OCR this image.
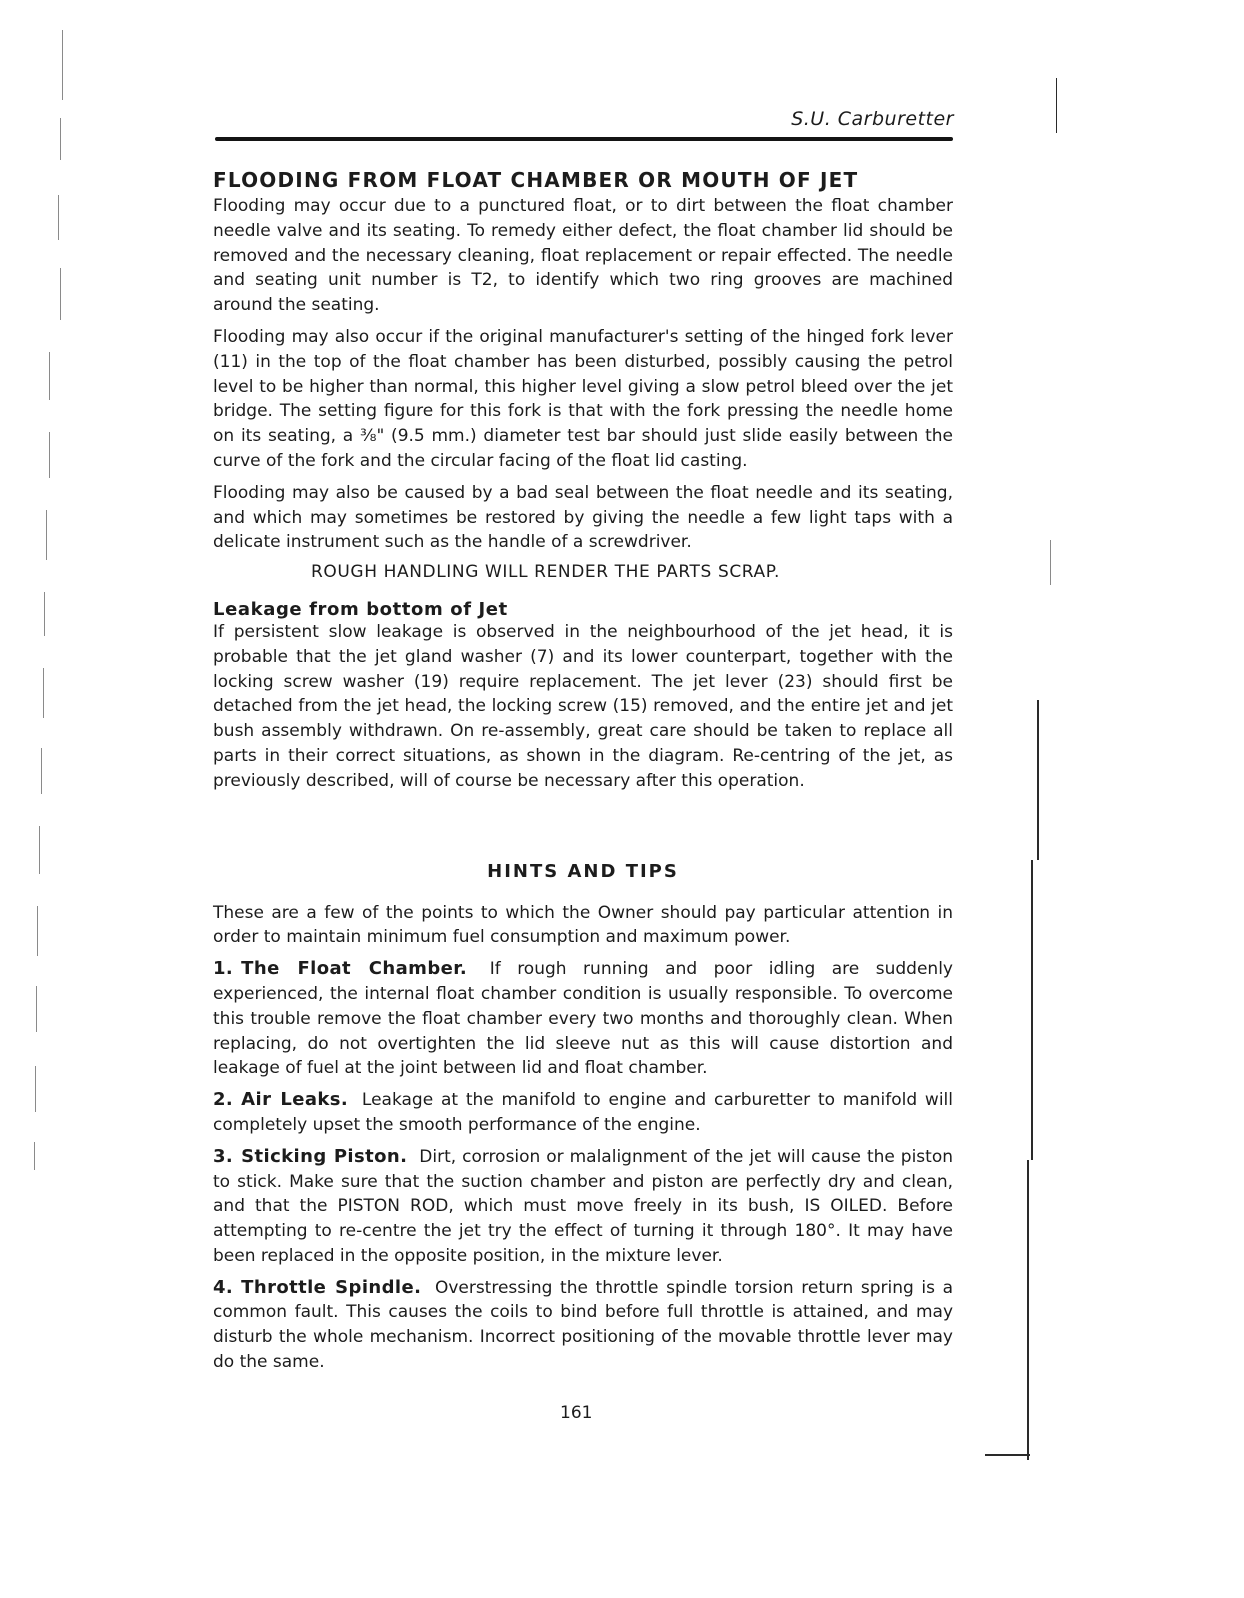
S.U. Carburetter
FLOODING FROM FLOAT CHAMBER OR MOUTH OF JET

Flooding may occur due to a punctured float, or to dirt between the float chamber needle valve and its seating. To remedy either defect, the float chamber lid should be removed and the necessary cleaning, float replacement or repair effected. The needle and seating unit number is T2, to identify which two ring grooves are machined around the seating.

Flooding may also occur if the original manufacturer's setting of the hinged fork lever (11) in the top of the float chamber has been disturbed, possibly causing the petrol level to be higher than normal, this higher level giving a slow petrol bleed over the jet bridge. The setting figure for this fork is that with the fork pressing the needle home on its seating, a ⅜" (9.5 mm.) diameter test bar should just slide easily between the curve of the fork and the circular facing of the float lid casting.

Flooding may also be caused by a bad seal between the float needle and its seating, and which may sometimes be restored by giving the needle a few light taps with a delicate instrument such as the handle of a screwdriver.

ROUGH HANDLING WILL RENDER THE PARTS SCRAP.

Leakage from bottom of Jet

If persistent slow leakage is observed in the neighbourhood of the jet head, it is probable that the jet gland washer (7) and its lower counterpart, together with the locking screw washer (19) require replacement. The jet lever (23) should first be detached from the jet head, the locking screw (15) removed, and the entire jet and jet bush assembly withdrawn. On re-assembly, great care should be taken to replace all parts in their correct situations, as shown in the diagram. Re-centring of the jet, as previously described, will of course be necessary after this operation.

HINTS AND TIPS

These are a few of the points to which the Owner should pay particular attention in order to maintain minimum fuel consumption and maximum power.

1. The Float Chamber. If rough running and poor idling are suddenly experienced, the internal float chamber condition is usually responsible. To overcome this trouble remove the float chamber every two months and thoroughly clean. When replacing, do not overtighten the lid sleeve nut as this will cause distortion and leakage of fuel at the joint between lid and float chamber.

2. Air Leaks. Leakage at the manifold to engine and carburetter to manifold will completely upset the smooth performance of the engine.

3. Sticking Piston. Dirt, corrosion or malalignment of the jet will cause the piston to stick. Make sure that the suction chamber and piston are perfectly dry and clean, and that the PISTON ROD, which must move freely in its bush, IS OILED. Before attempting to re-centre the jet try the effect of turning it through 180°. It may have been replaced in the opposite position, in the mixture lever.

4. Throttle Spindle. Overstressing the throttle spindle torsion return spring is a common fault. This causes the coils to bind before full throttle is attained, and may disturb the whole mechanism. Incorrect positioning of the movable throttle lever may do the same.

161
